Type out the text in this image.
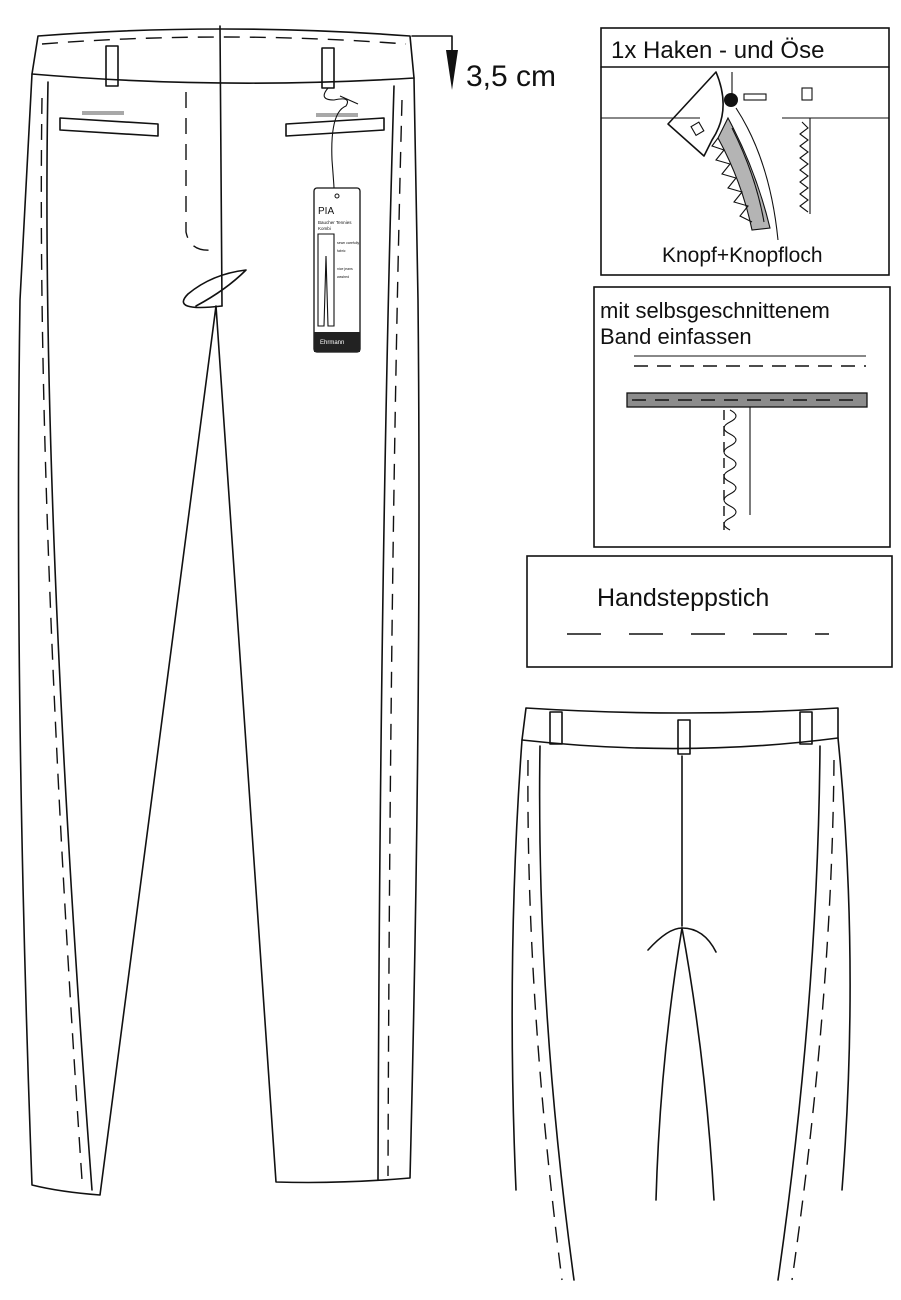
PIA
Baucher Tennies
Kombi
sewn carefully
fabric
nice jeans
washed
Ehrmann
3,5 cm
1x Haken - und Öse
Knopf+Knopfloch
mit selbsgeschnittenem
Band einfassen
Handsteppstich
